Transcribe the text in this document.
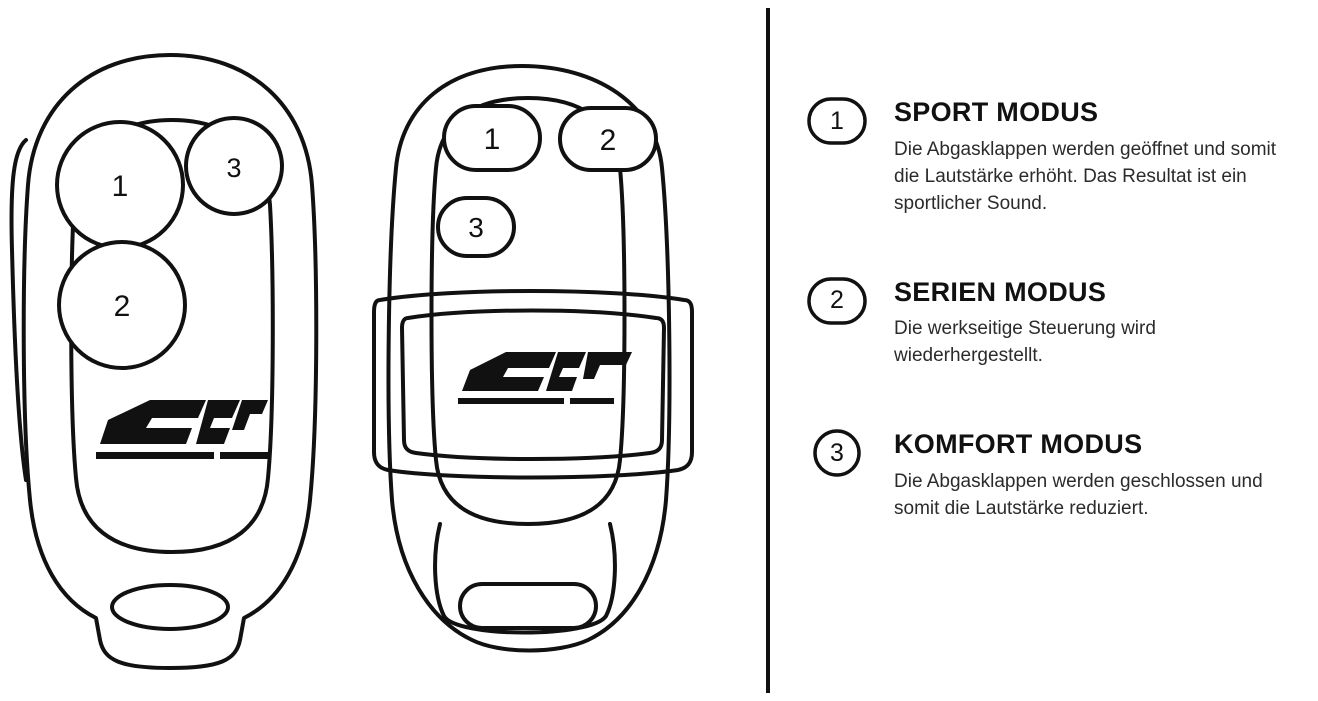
1
3
2
1	2
3
1	SPORT MODUS

Die Abgasklappen werden geöffnet und somit die Lautstärke erhöht. Das Resultat ist ein sportlicher Sound.

2	SERIEN MODUS

Die werkseitige Steuerung wird wiederhergestellt.

3	KOMFORT MODUS

Die Abgasklappen werden geschlossen und somit die Lautstärke reduziert.
